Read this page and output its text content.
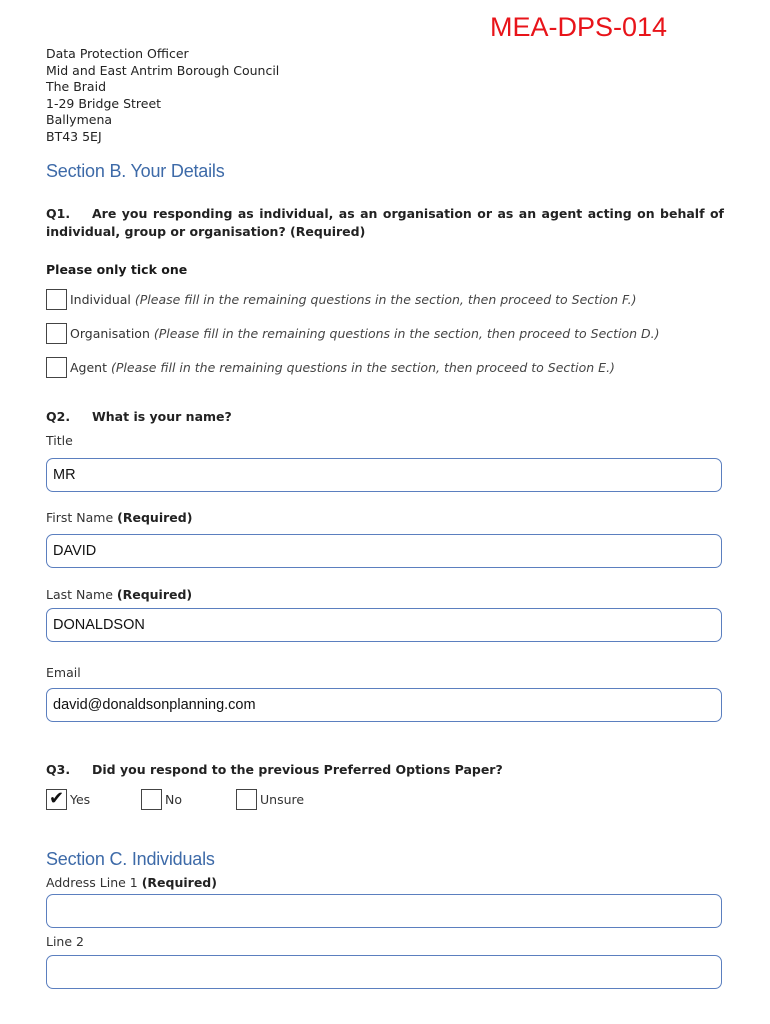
MEA-DPS-014
Data Protection Officer
Mid and East Antrim Borough Council
The Braid
1-29 Bridge Street
Ballymena
BT43 5EJ
Section B. Your Details
Q1. Are you responding as individual, as an organisation or as an agent acting on behalf of individual, group or organisation? (Required)
Please only tick one
Individual (Please fill in the remaining questions in the section, then proceed to Section F.)
Organisation (Please fill in the remaining questions in the section, then proceed to Section D.)
Agent (Please fill in the remaining questions in the section, then proceed to Section E.)
Q2. What is your name?
Title
MR
First Name (Required)
DAVID
Last Name (Required)
DONALDSON
Email
david@donaldsonplanning.com
Q3. Did you respond to the previous Preferred Options Paper?
✔ Yes	No	Unsure
Section C. Individuals
Address Line 1 (Required)
Line 2
